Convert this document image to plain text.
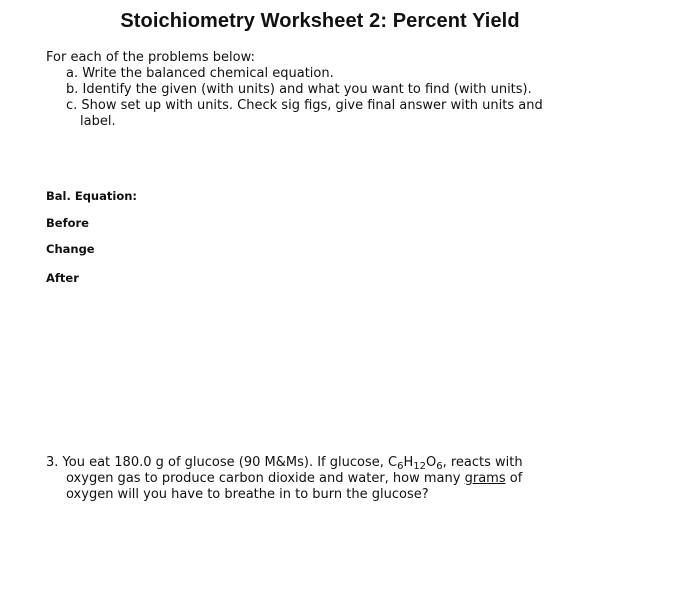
Stoichiometry Worksheet 2: Percent Yield
For each of the problems below:
a. Write the balanced chemical equation.
b. Identify the given (with units) and what you want to find (with units).
c. Show set up with units. Check sig figs, give final answer with units and
label.
Bal. Equation:
Before
Change
After
3. You eat 180.0 g of glucose (90 M&Ms). If glucose, $C_6H_{12}O_6$, reacts with
oxygen gas to produce carbon dioxide and water, how many grams of
oxygen will you have to breathe in to burn the glucose?
